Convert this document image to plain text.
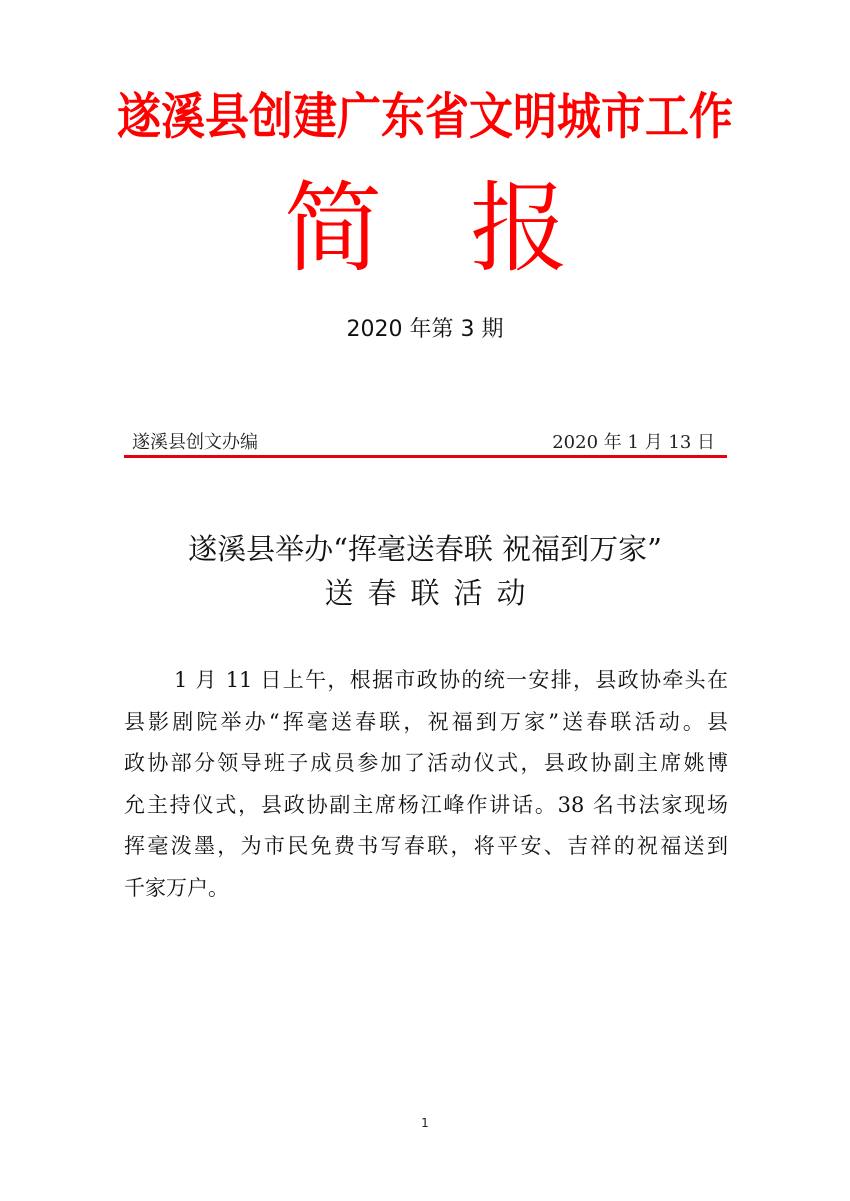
遂溪县创建广东省文明城市工作
简 报
2020 年第 3 期
遂溪县创文办编	2020 年 1 月 13 日
遂溪县举办“挥毫送春联 祝福到万家”
送春联活动
1 月 11 日上午，根据市政协的统一安排，县政协牵头在
县影剧院举办“挥毫送春联，祝福到万家”送春联活动。县
政协部分领导班子成员参加了活动仪式，县政协副主席姚博
允主持仪式，县政协副主席杨江峰作讲话。38 名书法家现场
挥毫泼墨，为市民免费书写春联，将平安、吉祥的祝福送到
千家万户。
1
